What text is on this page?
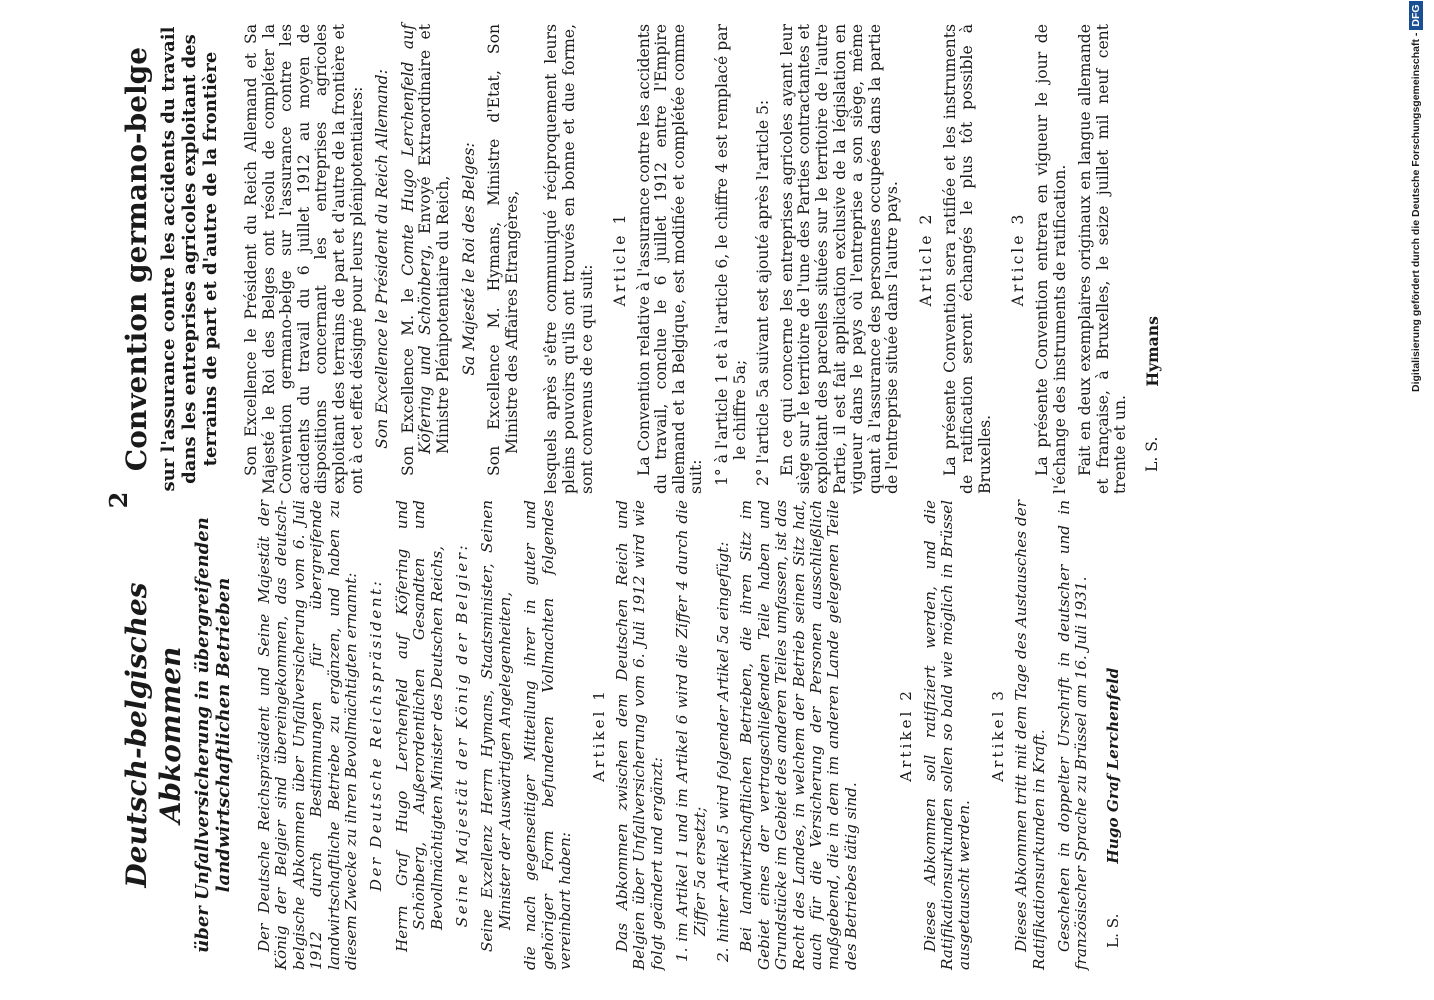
2
Deutsch-belgisches Abkommen über Unfallversicherung in übergreifenden landwirtschaftlichen Betrieben Der Deutsche Reichspräsident und Seine Majestät der König der Belgier sind übereingekommen, das deutsch-belgische Abkommen über Unfallversicherung vom 6. Juli 1912 durch Bestimmungen für übergreifende landwirtschaftliche Betriebe zu ergänzen, und haben zu diesem Zwecke zu ihren Bevollmächtigten ernannt: Der Deutsche Reichspräsident: Herrn Graf Hugo Lerchenfeld auf Köfering und Schönberg, Außerordentlichen Gesandten und Bevollmächtigten Minister des Deutschen Reichs, Seine Majestät der König der Belgier: Seine Exzellenz Herrn Hymans, Staatsminister, Seinen Minister der Auswärtigen Angelegenheiten, die nach gegenseitiger Mitteilung ihrer in guter und gehöriger Form befundenen Vollmachten folgendes vereinbart haben:

Artikel 1 Das Abkommen zwischen dem Deutschen Reich und Belgien über Unfallversicherung vom 6. Juli 1912 wird wie folgt geändert und ergänzt: 1. im Artikel 1 und im Artikel 6 wird die Ziffer 4 durch die Ziffer 5a ersetzt; 2. hinter Artikel 5 wird folgender Artikel 5a eingefügt: Bei landwirtschaftlichen Betrieben, die ihren Sitz im Gebiet eines der vertragschließenden Teile haben und Grundstücke im Gebiet des anderen Teiles umfassen, ist das Recht des Landes, in welchem der Betrieb seinen Sitz hat, auch für die Versicherung der Personen ausschließlich maßgebend, die in dem im anderen Lande gelegenen Teile des Betriebes tätig sind.

Artikel 2 Dieses Abkommen soll ratifiziert werden, und die Ratifikationsurkunden sollen so bald wie möglich in Brüssel ausgetauscht werden.

Artikel 3 Dieses Abkommen tritt mit dem Tage des Austausches der Ratifikationsurkunden in Kraft. Geschehen in doppelter Urschrift in deutscher und in französischer Sprache zu Brüssel am 16. Juli 1931. L. S.
Hugo Graf Lerchenfeld
Convention germano-belge sur l'assurance contre les accidents du travail dans les entreprises agricoles exploitant des terrains de part et d'autre de la frontière Son Excellence le Président du Reich Allemand et Sa Majesté le Roi des Belges ont résolu de compléter la Convention germano-belge sur l'assurance contre les accidents du travail du 6 juillet 1912 au moyen de dispositions concernant les entreprises agricoles exploitant des terrains de part et d'autre de la frontière et ont à cet effet désigné pour leurs plénipotentiaires: Son Excellence le Président du Reich Allemand: Son Excellence M. le Comte Hugo Lerchenfeld auf Köfering und Schönberg, Envoyé Extraordinaire et Ministre Plénipotentiaire du Reich, Sa Majesté le Roi des Belges: Son Excellence M. Hymans, Ministre d'Etat, Son Ministre des Affaires Etrangères, lesquels après s'être communiqué réciproquement leurs pleins pouvoirs qu'ils ont trouvés en bonne et due forme, sont convenus de ce qui suit:

Article 1 La Convention relative à l'assurance contre les accidents du travail, conclue le 6 juillet 1912 entre l'Empire allemand et la Belgique, est modifiée et complétée comme suit: 1° à l'article 1 et à l'article 6, le chiffre 4 est remplacé par le chiffre 5a; 2° l'article 5a suivant est ajouté après l'article 5: En ce qui concerne les entreprises agricoles ayant leur siège sur le territoire de l'une des Parties contractantes et exploitant des parcelles situées sur le territoire de l'autre Partie, il est fait application exclusive de la législation en vigueur dans le pays où l'entreprise a son siège, même quant à l'assurance des personnes occupées dans la partie de l'entreprise située dans l'autre pays. Article 2 La présente Convention sera ratifiée et les instruments de ratification seront échangés le plus tôt possible à Bruxelles.

Article 3 La présente Convention entrera en vigueur le jour de l'échange des instruments de ratification. Fait en deux exemplaires originaux en langue allemande et française, à Bruxelles, le seize juillet mil neuf cent trente et un. L. S.
Hymans	Digitalisierung gefördert durch die Deutsche Forschungsgemeinschaft -DFG
